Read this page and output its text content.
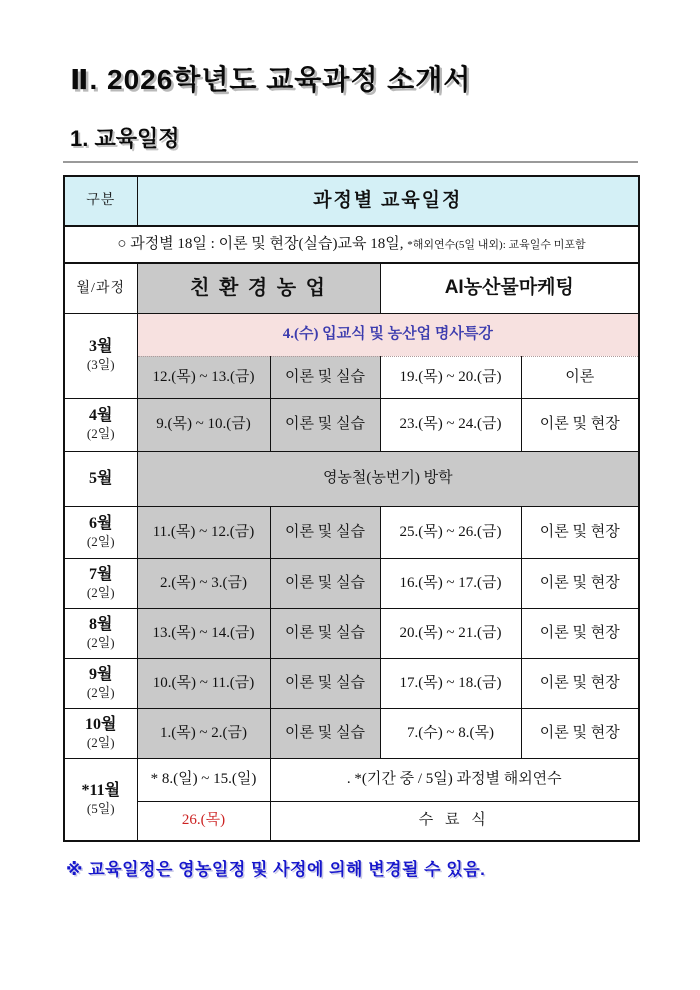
Ⅱ. 2026학년도 교육과정 소개서
1. 교육일정
구분	과정별 교육일정			
○ 과정별 18일 : 이론 및 현장(실습)교육 18일, *해외연수(5일 내외): 교육일수 미포함				
월/과정	친 환 경 농 업		AI농산물마케팅	

3월
(3일)	4.(수) 입교식 및 농산업 명사특강			
	12.(목) ~ 13.(금)	이론 및 실습	19.(목) ~ 20.(금)	이론

4월
(2일)	9.(목) ~ 10.(금)	이론 및 실습	23.(목) ~ 24.(금)	이론 및 현장
5월	영농철(농번기) 방학			

6월
(2일)	11.(목) ~ 12.(금)	이론 및 실습	25.(목) ~ 26.(금)	이론 및 현장

7월
(2일)	2.(목) ~ 3.(금)	이론 및 실습	16.(목) ~ 17.(금)	이론 및 현장

8월
(2일)	13.(목) ~ 14.(금)	이론 및 실습	20.(목) ~ 21.(금)	이론 및 현장

9월
(2일)	10.(목) ~ 11.(금)	이론 및 실습	17.(목) ~ 18.(금)	이론 및 현장

10월
(2일)	1.(목) ~ 2.(금)	이론 및 실습	7.(수) ~ 8.(목)	이론 및 현장

*11월
(5일)	* 8.(일) ~ 15.(일)	. *(기간 중 / 5일) 과정별 해외연수		
	26.(목)	수 료 식		
※ 교육일정은 영농일정 및 사정에 의해 변경될 수 있음.
